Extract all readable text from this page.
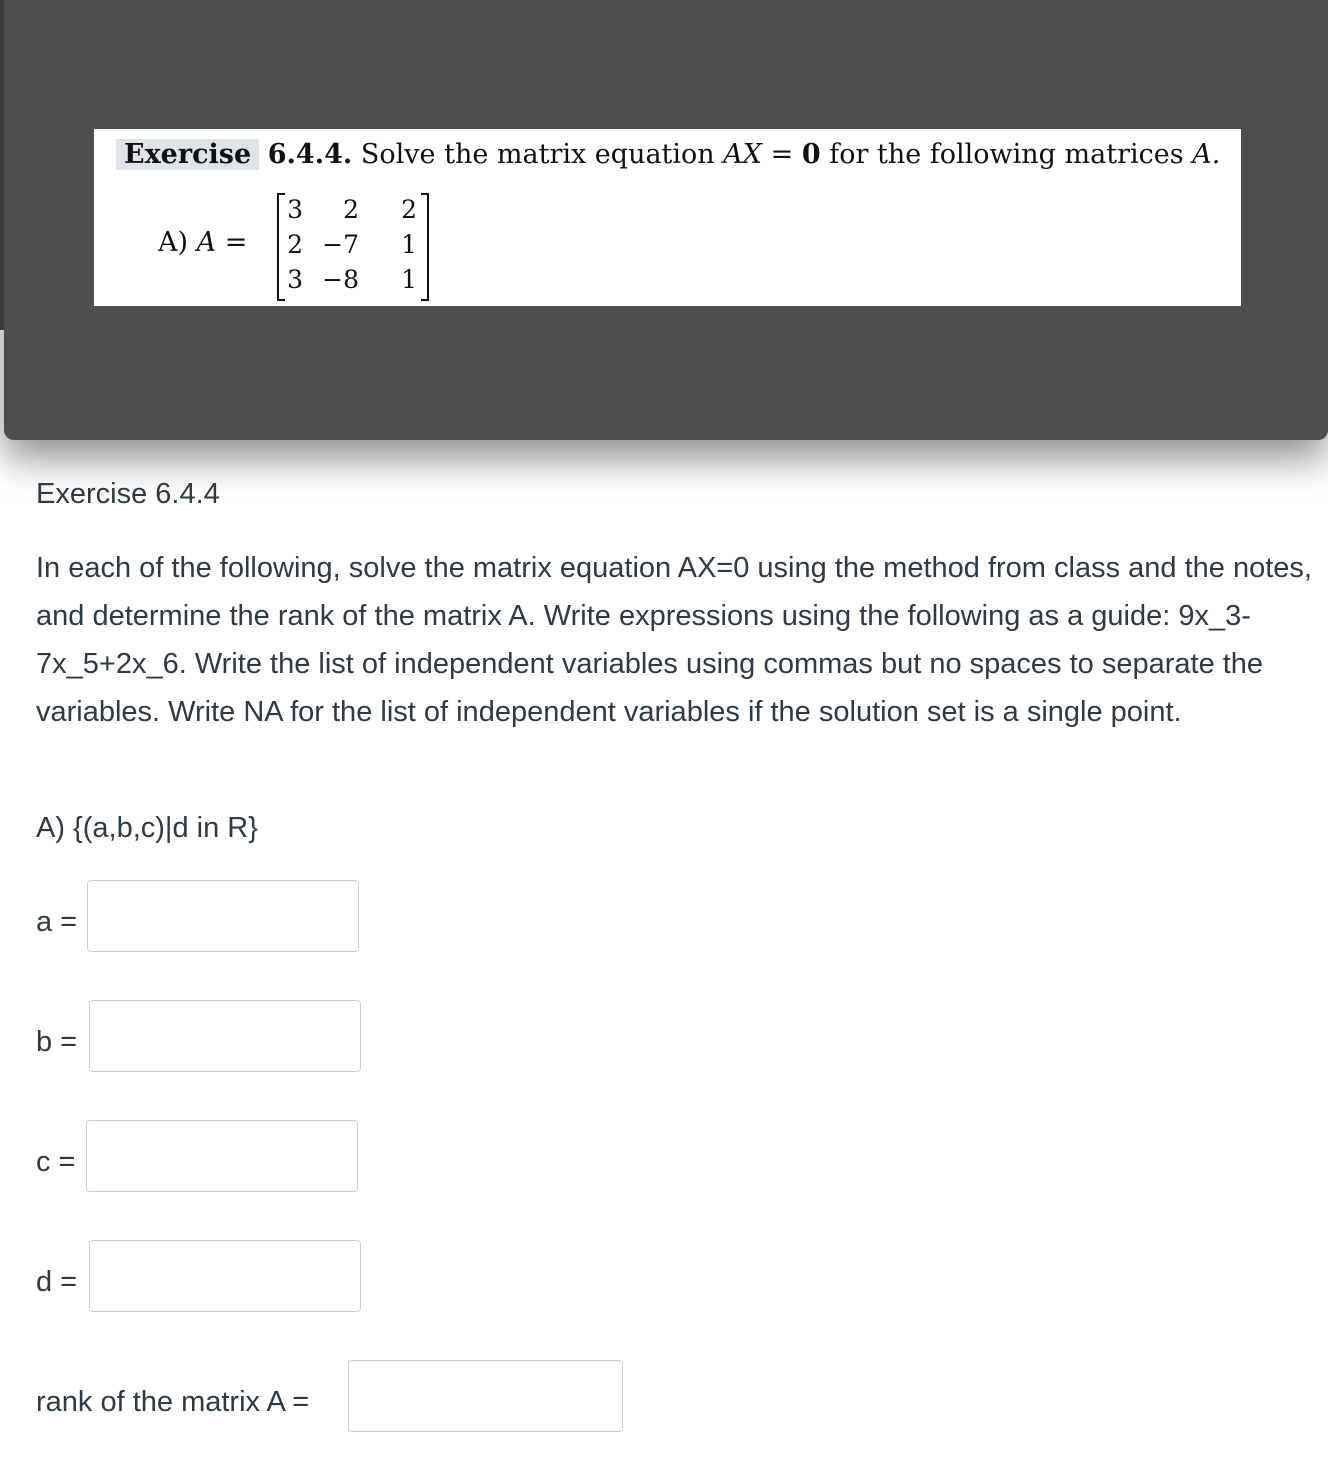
Exercise 6.4.4. Solve the matrix equation AX = 0 for the following matrices A.
A) A =
3	2	2
2 −7	1
3 −8	1

Exercise 6.4.4

In each of the following, solve the matrix equation AX=0 using the method from class and the notes, and determine the rank of the matrix A. Write expressions using the following as a guide: 9x_3-7x_5+2x_6. Write the list of independent variables using commas but no spaces to separate the variables. Write NA for the list of independent variables if the solution set is a single point.

A) {(a,b,c)|d in R}
a =
b =
c =
d =
rank of the matrix A =
